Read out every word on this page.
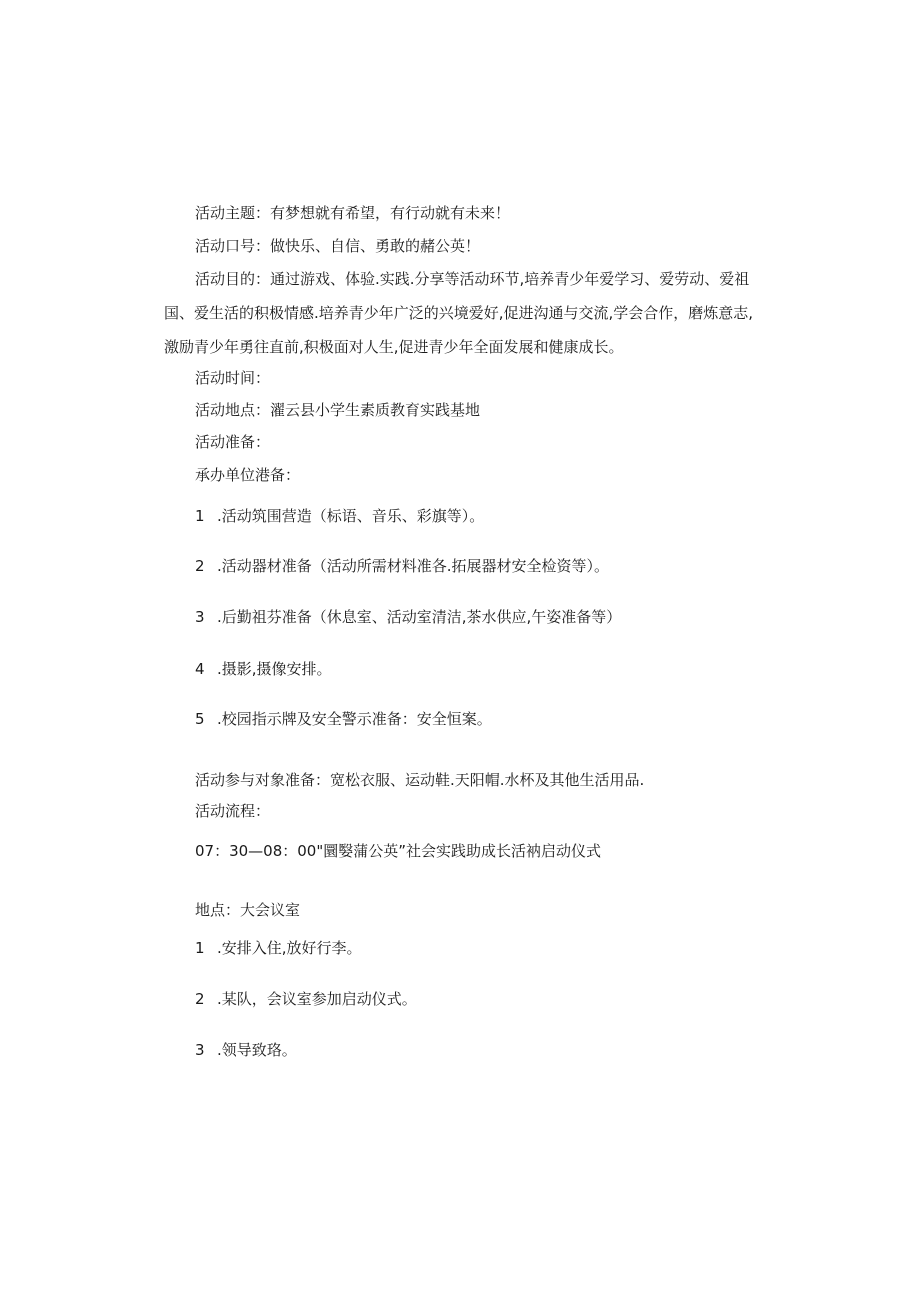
活动主题：有梦想就有希望，有行动就有未来！
活动口号：做快乐、自信、勇敢的赭公英！
活动目的：通过游戏、体验.实践.分享等活动环节,培养青少年爱学习、爱劳动、爱祖国、爱生活的积极情感.培养青少年广泛的兴境爱好,促进沟通与交流,学会合作，磨炼意志,激励青少年勇往直前,积极面对人生,促进青少年全面发展和健康成长。
活动时间：
活动地点：濯云县小学生素质教育实践基地
活动准备：
承办单位港备：
1 .活动筑围营造（标语、音乐、彩旗等）。
2 .活动器材准备（活动所需材料准各.拓展器材安全检资等）。
3 .后勤祖芬准备（休息室、活动室清洁,茶水供应,午姿准备等）
4 .摄影,摄像安排。
5 .校园指示牌及安全警示准备：安全恒案。
活动参与对象准备：宽松衣服、运动鞋.天阳帽.水杯及其他生活用品.
活动流程：
07：30—08：00"圜嫛蒲公英”社会实践助成长活衲启动仪式
地点：大会议室
1 .安排入住,放好行李。
2 .某队，会议室参加启动仪式。
3 .领导致珞。
